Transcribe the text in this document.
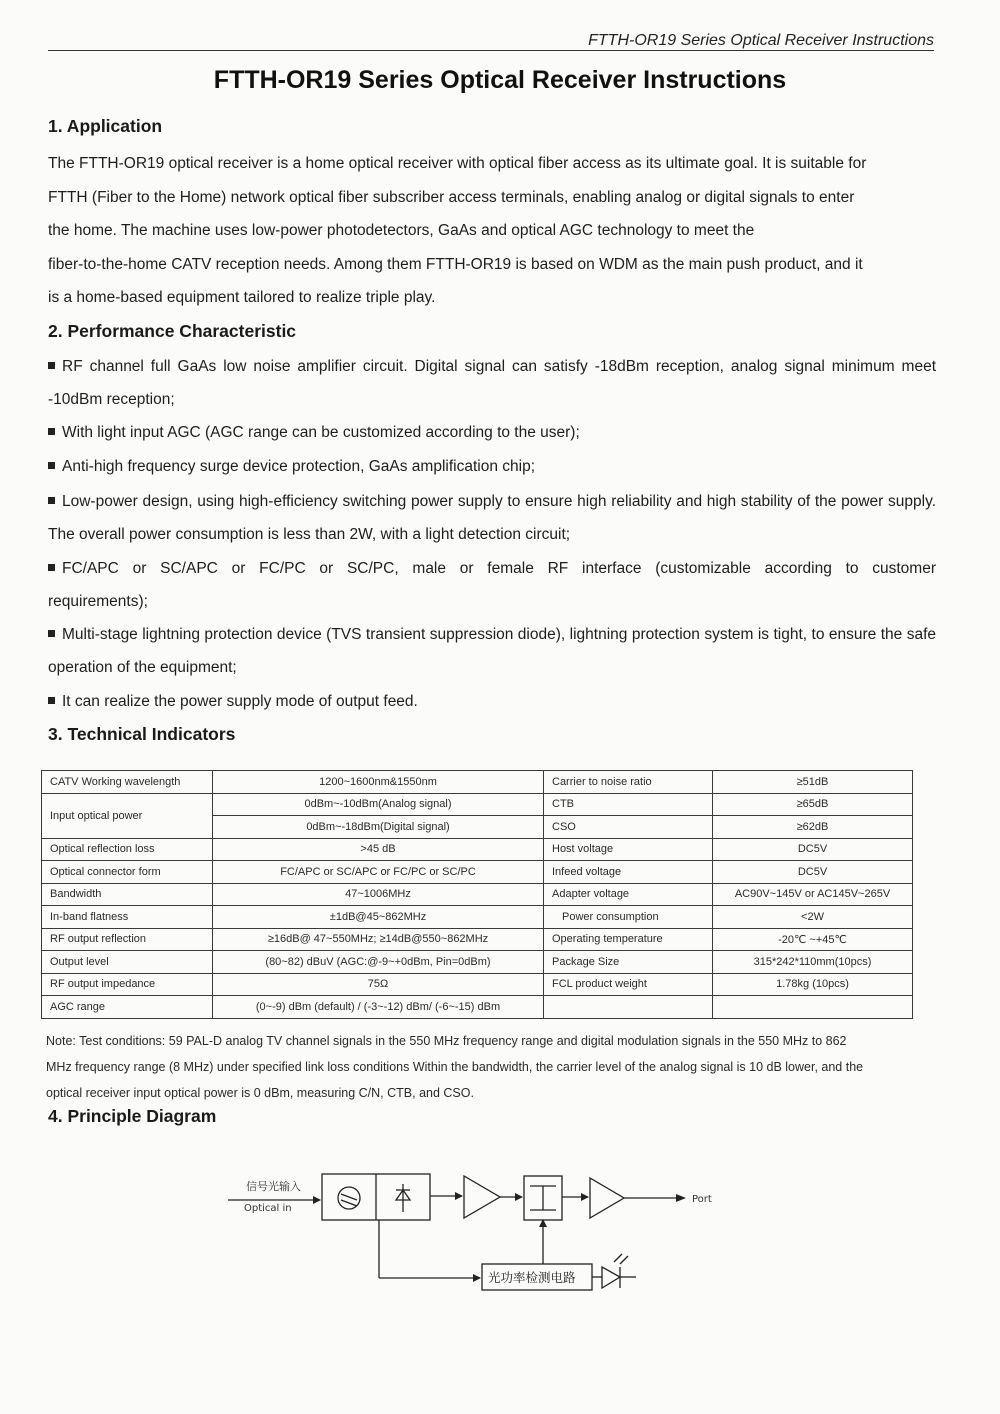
FTTH-OR19 Series Optical Receiver Instructions
FTTH-OR19 Series Optical Receiver Instructions
1. Application

The FTTH-OR19 optical receiver is a home optical receiver with optical fiber access as its ultimate goal. It is suitable for

FTTH (Fiber to the Home) network optical fiber subscriber access terminals, enabling analog or digital signals to enter

the home. The machine uses low-power photodetectors, GaAs and optical AGC technology to meet the

fiber-to-the-home CATV reception needs. Among them FTTH-OR19 is based on WDM as the main push product, and it

is a home-based equipment tailored to realize triple play.

2. Performance Characteristic

RF channel full GaAs low noise amplifier circuit. Digital signal can satisfy -18dBm reception, analog signal minimum meet -10dBm reception;

With light input AGC (AGC range can be customized according to the user);

Anti-high frequency surge device protection, GaAs amplification chip;

Low-power design, using high-efficiency switching power supply to ensure high reliability and high stability of the power supply. The overall power consumption is less than 2W, with a light detection circuit;

FC/APC or SC/APC or FC/PC or SC/PC, male or female RF interface (customizable according to customer requirements);

Multi-stage lightning protection device (TVS transient suppression diode), lightning protection system is tight, to ensure the safe operation of the equipment;

It can realize the power supply mode of output feed.

3. Technical Indicators
CATV Working wavelength	1200~1600nm&1550nm	Carrier to noise ratio	≥51dB
Input optical power	0dBm~-10dBm(Analog signal)	CTB	≥65dB
	0dBm~-18dBm(Digital signal)	CSO	≥62dB
Optical reflection loss	>45 dB	Host voltage	DC5V
Optical connector form	FC/APC or SC/APC or FC/PC or SC/PC	Infeed voltage	DC5V
Bandwidth	47~1006MHz	Adapter voltage	AC90V~145V or AC145V~265V
In-band flatness	±1dB@45~862MHz	Power consumption	<2W
RF output reflection	≥16dB@ 47~550MHz; ≥14dB@550~862MHz	Operating temperature	-20℃ ~+45℃
Output level	(80~82) dBuV (AGC:@-9~+0dBm, Pin=0dBm)	Package Size	315*242*110mm(10pcs)
RF output impedance	75Ω	FCL product weight	1.78kg (10pcs)
AGC range	(0~-9) dBm (default) / (-3~-12) dBm/ (-6~-15) dBm		
Note: Test conditions: 59 PAL-D analog TV channel signals in the 550 MHz frequency range and digital modulation signals in the 550 MHz to 862
MHz frequency range (8 MHz) under specified link loss conditions Within the bandwidth, the carrier level of the analog signal is 10 dB lower, and the
optical receiver input optical power is 0 dBm, measuring C/N, CTB, and CSO.
4. Principle Diagram
信号光输入
Optical in
Port
光功率检测电路
